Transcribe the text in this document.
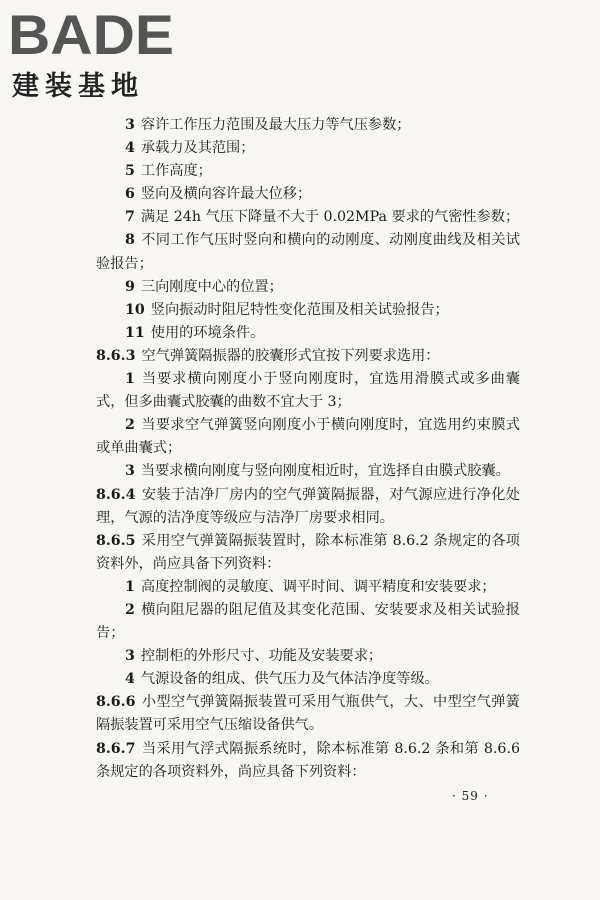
BADE
建装基地

3 容许工作压力范围及最大压力等气压参数；

4 承载力及其范围；

5 工作高度；

6 竖向及横向容许最大位移；

7 满足 24h 气压下降量不大于 0.02MPa 要求的气密性参数；

8 不同工作气压时竖向和横向的动刚度、动刚度曲线及相关试验报告；

9 三向刚度中心的位置；

10 竖向振动时阻尼特性变化范围及相关试验报告；

11 使用的环境条件。

8.6.3 空气弹簧隔振器的胶囊形式宜按下列要求选用：

1 当要求横向刚度小于竖向刚度时，宜选用滑膜式或多曲囊式，但多曲囊式胶囊的曲数不宜大于 3；

2 当要求空气弹簧竖向刚度小于横向刚度时，宜选用约束膜式或单曲囊式；

3 当要求横向刚度与竖向刚度相近时，宜选择自由膜式胶囊。

8.6.4 安装于洁净厂房内的空气弹簧隔振器，对气源应进行净化处理，气源的洁净度等级应与洁净厂房要求相同。

8.6.5 采用空气弹簧隔振装置时，除本标准第 8.6.2 条规定的各项资料外，尚应具备下列资料：

1 高度控制阀的灵敏度、调平时间、调平精度和安装要求；

2 横向阻尼器的阻尼值及其变化范围、安装要求及相关试验报告；

3 控制柜的外形尺寸、功能及安装要求；

4 气源设备的组成、供气压力及气体洁净度等级。

8.6.6 小型空气弹簧隔振装置可采用气瓶供气，大、中型空气弹簧隔振装置可采用空气压缩设备供气。

8.6.7 当采用气浮式隔振系统时，除本标准第 8.6.2 条和第 8.6.6 条规定的各项资料外，尚应具备下列资料：

· 59 ·
